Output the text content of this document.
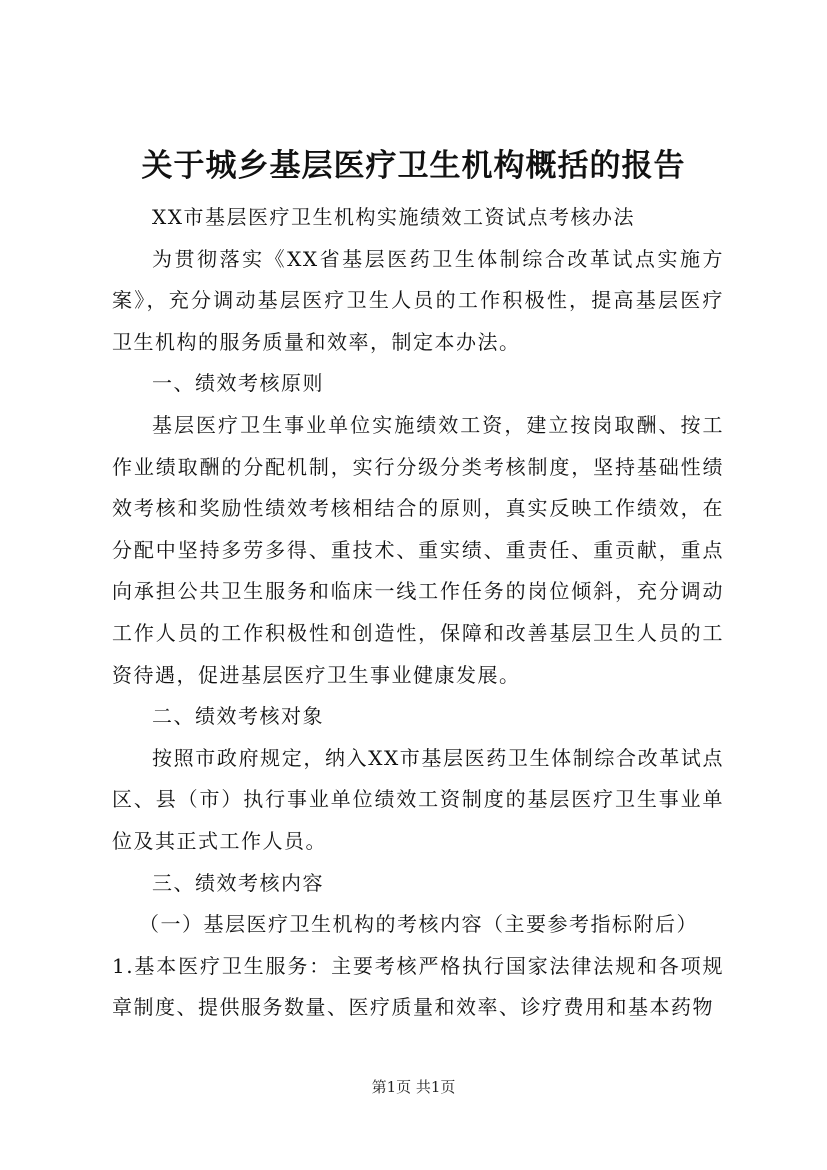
关于城乡基层医疗卫生机构概括的报告

XX市基层医疗卫生机构实施绩效工资试点考核办法

为贯彻落实《XX省基层医药卫生体制综合改革试点实施方案》，充分调动基层医疗卫生人员的工作积极性，提高基层医疗卫生机构的服务质量和效率，制定本办法。

一、绩效考核原则

基层医疗卫生事业单位实施绩效工资，建立按岗取酬、按工作业绩取酬的分配机制，实行分级分类考核制度，坚持基础性绩效考核和奖励性绩效考核相结合的原则，真实反映工作绩效，在分配中坚持多劳多得、重技术、重实绩、重责任、重贡献，重点向承担公共卫生服务和临床一线工作任务的岗位倾斜，充分调动工作人员的工作积极性和创造性，保障和改善基层卫生人员的工资待遇，促进基层医疗卫生事业健康发展。

二、绩效考核对象

按照市政府规定，纳入XX市基层医药卫生体制综合改革试点区、县（市）执行事业单位绩效工资制度的基层医疗卫生事业单位及其正式工作人员。

三、绩效考核内容

（一）基层医疗卫生机构的考核内容（主要参考指标附后）

1.基本医疗卫生服务：主要考核严格执行国家法律法规和各项规章制度、提供服务数量、医疗质量和效率、诊疗费用和基本药物

第1页 共1页
